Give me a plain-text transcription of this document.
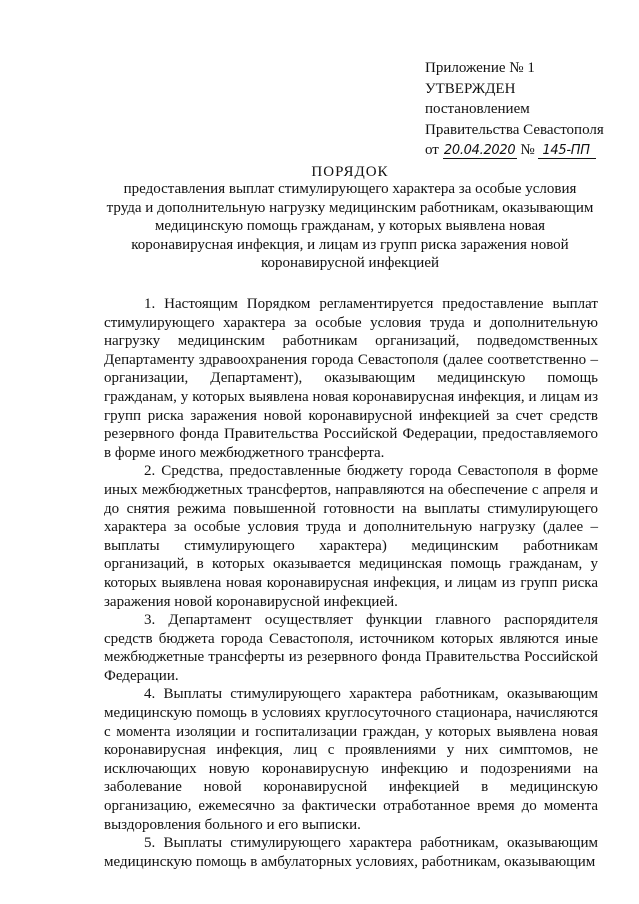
Приложение № 1
УТВЕРЖДЕН
постановлением
Правительства Севастополя
от 20.04.2020 № 145-ПП
ПОРЯДОК
предоставления выплат стимулирующего характера за особые условия труда и дополнительную нагрузку медицинским работникам, оказывающим медицинскую помощь гражданам, у которых выявлена новая коронавирусная инфекция, и лицам из групп риска заражения новой коронавирусной инфекцией

1. Настоящим Порядком регламентируется предоставление выплат стимулирующего характера за особые условия труда и дополнительную нагрузку медицинским работникам организаций, подведомственных Департаменту здравоохранения города Севастополя (далее соответственно – организации, Департамент), оказывающим медицинскую помощь гражданам, у которых выявлена новая коронавирусная инфекция, и лицам из групп риска заражения новой коронавирусной инфекцией за счет средств резервного фонда Правительства Российской Федерации, предоставляемого в форме иного межбюджетного трансферта.

2. Средства, предоставленные бюджету города Севастополя в форме иных межбюджетных трансфертов, направляются на обеспечение с апреля и до снятия режима повышенной готовности на выплаты стимулирующего характера за особые условия труда и дополнительную нагрузку (далее – выплаты стимулирующего характера) медицинским работникам организаций, в которых оказывается медицинская помощь гражданам, у которых выявлена новая коронавирусная инфекция, и лицам из групп риска заражения новой коронавирусной инфекцией.

3. Департамент осуществляет функции главного распорядителя средств бюджета города Севастополя, источником которых являются иные межбюджетные трансферты из резервного фонда Правительства Российской Федерации.

4. Выплаты стимулирующего характера работникам, оказывающим медицинскую помощь в условиях круглосуточного стационара, начисляются с момента изоляции и госпитализации граждан, у которых выявлена новая коронавирусная инфекция, лиц с проявлениями у них симптомов, не исключающих новую коронавирусную инфекцию и подозрениями на заболевание новой коронавирусной инфекцией в медицинскую организацию, ежемесячно за фактически отработанное время до момента выздоровления больного и его выписки.

5. Выплаты стимулирующего характера работникам, оказывающим медицинскую помощь в амбулаторных условиях, работникам, оказывающим
